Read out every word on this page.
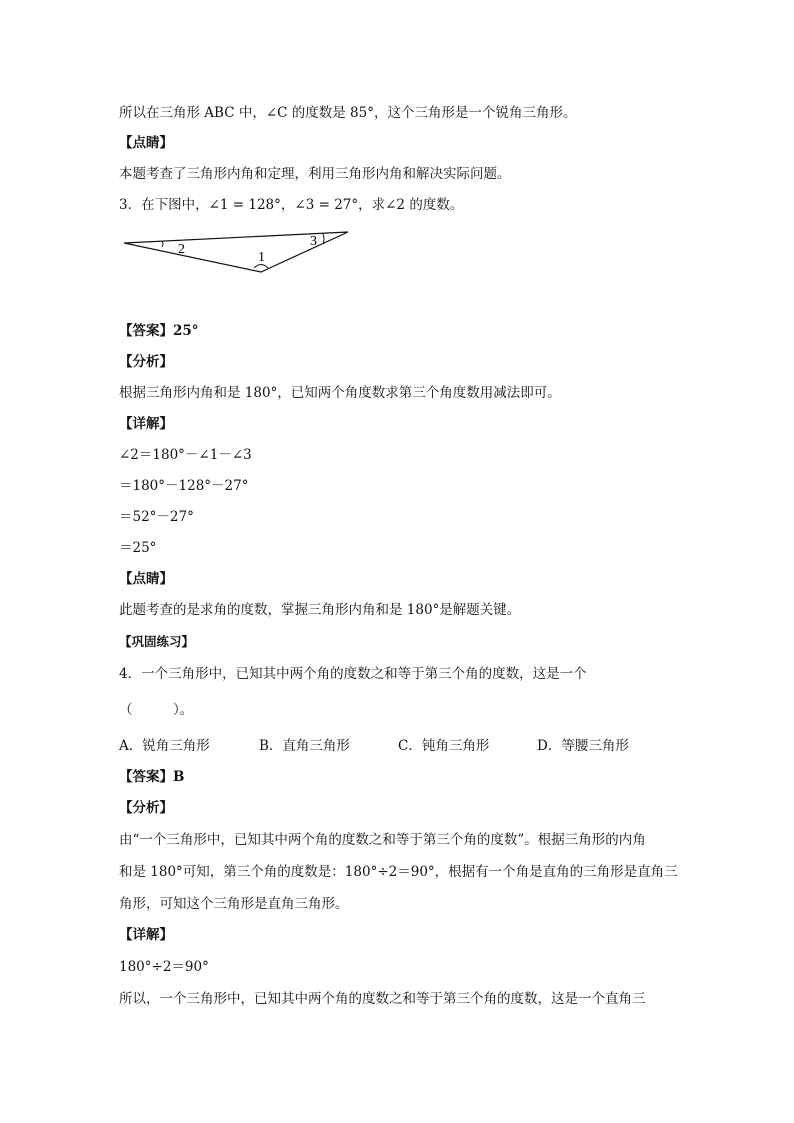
所以在三角形 ABC 中，∠C 的度数是 85°，这个三角形是一个锐角三角形。
【点睛】
本题考查了三角形内角和定理，利用三角形内角和解决实际问题。
3．在下图中，∠1 = 128°，∠3 = 27°，求∠2 的度数。
2
1
3
【答案】25°
【分析】
根据三角形内角和是 180°，已知两个角度数求第三个角度数用减法即可。
【详解】
∠2＝180°－∠1－∠3
＝180°－128°－27°
＝52°－27°
＝25°
【点睛】
此题考查的是求角的度数，掌握三角形内角和是 180°是解题关键。
【巩固练习】
4．一个三角形中，已知其中两个角的度数之和等于第三个角的度数，这是一个
（　　　）。
A．锐角三角形	B．直角三角形	C．钝角三角形	D．等腰三角形
【答案】B
【分析】
由“一个三角形中，已知其中两个角的度数之和等于第三个角的度数”。根据三角形的内角
和是 180°可知，第三个角的度数是：180°÷2＝90°，根据有一个角是直角的三角形是直角三
角形，可知这个三角形是直角三角形。
【详解】
180°÷2＝90°
所以，一个三角形中，已知其中两个角的度数之和等于第三个角的度数，这是一个直角三
